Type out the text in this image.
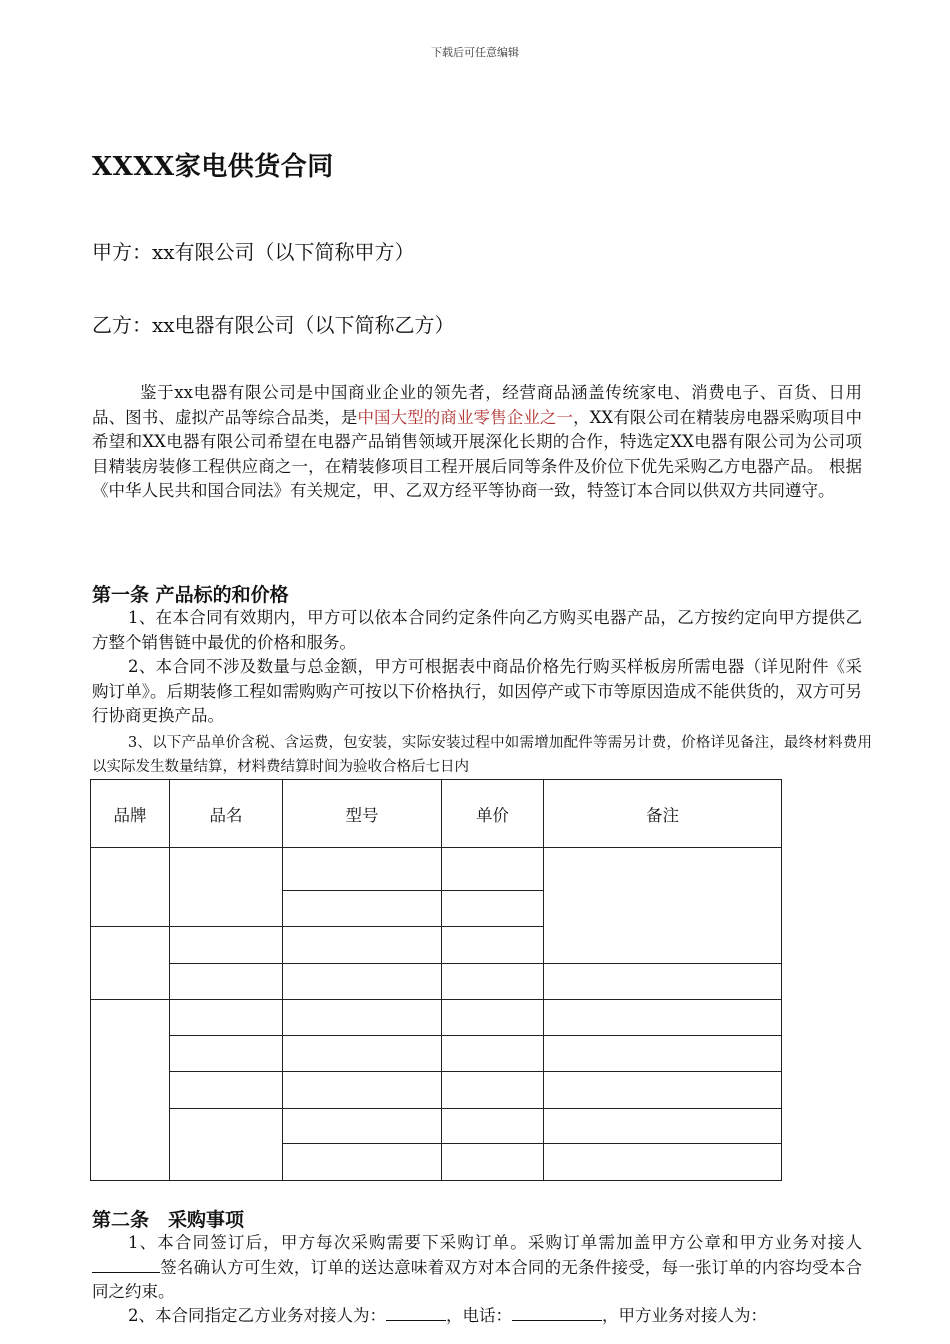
下载后可任意编辑
XXXX家电供货合同
甲方：xx有限公司（以下简称甲方）
乙方：xx电器有限公司（以下简称乙方）
鉴于xx电器有限公司是中国商业企业的领先者，经营商品涵盖传统家电、消费电子、百货、日用品、图书、虚拟产品等综合品类，是中国大型的商业零售企业之一，XX有限公司在精装房电器采购项目中希望和XX电器有限公司希望在电器产品销售领域开展深化长期的合作，特选定XX电器有限公司为公司项目精装房装修工程供应商之一，在精装修项目工程开展后同等条件及价位下优先采购乙方电器产品。 根据《中华人民共和国合同法》有关规定，甲、乙双方经平等协商一致，特签订本合同以供双方共同遵守。
第一条 产品标的和价格
1、在本合同有效期内，甲方可以依本合同约定条件向乙方购买电器产品，乙方按约定向甲方提供乙方整个销售链中最优的价格和服务。
2、本合同不涉及数量与总金额，甲方可根据表中商品价格先行购买样板房所需电器（详见附件《采购订单》。后期装修工程如需购购产可按以下价格执行，如因停产或下市等原因造成不能供货的，双方可另行协商更换产品。
3、以下产品单价含税、含运费，包安装，实际安装过程中如需增加配件等需另计费，价格详见备注，最终材料费用以实际发生数量结算，材料费结算时间为验收合格后七日内
品牌	品名	型号	单价	备注

第二条　采购事项
1、本合同签订后，甲方每次采购需要下采购订单。采购订单需加盖甲方公章和甲方业务对接人签名确认方可生效，订单的送达意味着双方对本合同的无条件接受，每一张订单的内容均受本合同之约束。
2、本合同指定乙方业务对接人为：	，电话：	，甲方业务对接人为：
